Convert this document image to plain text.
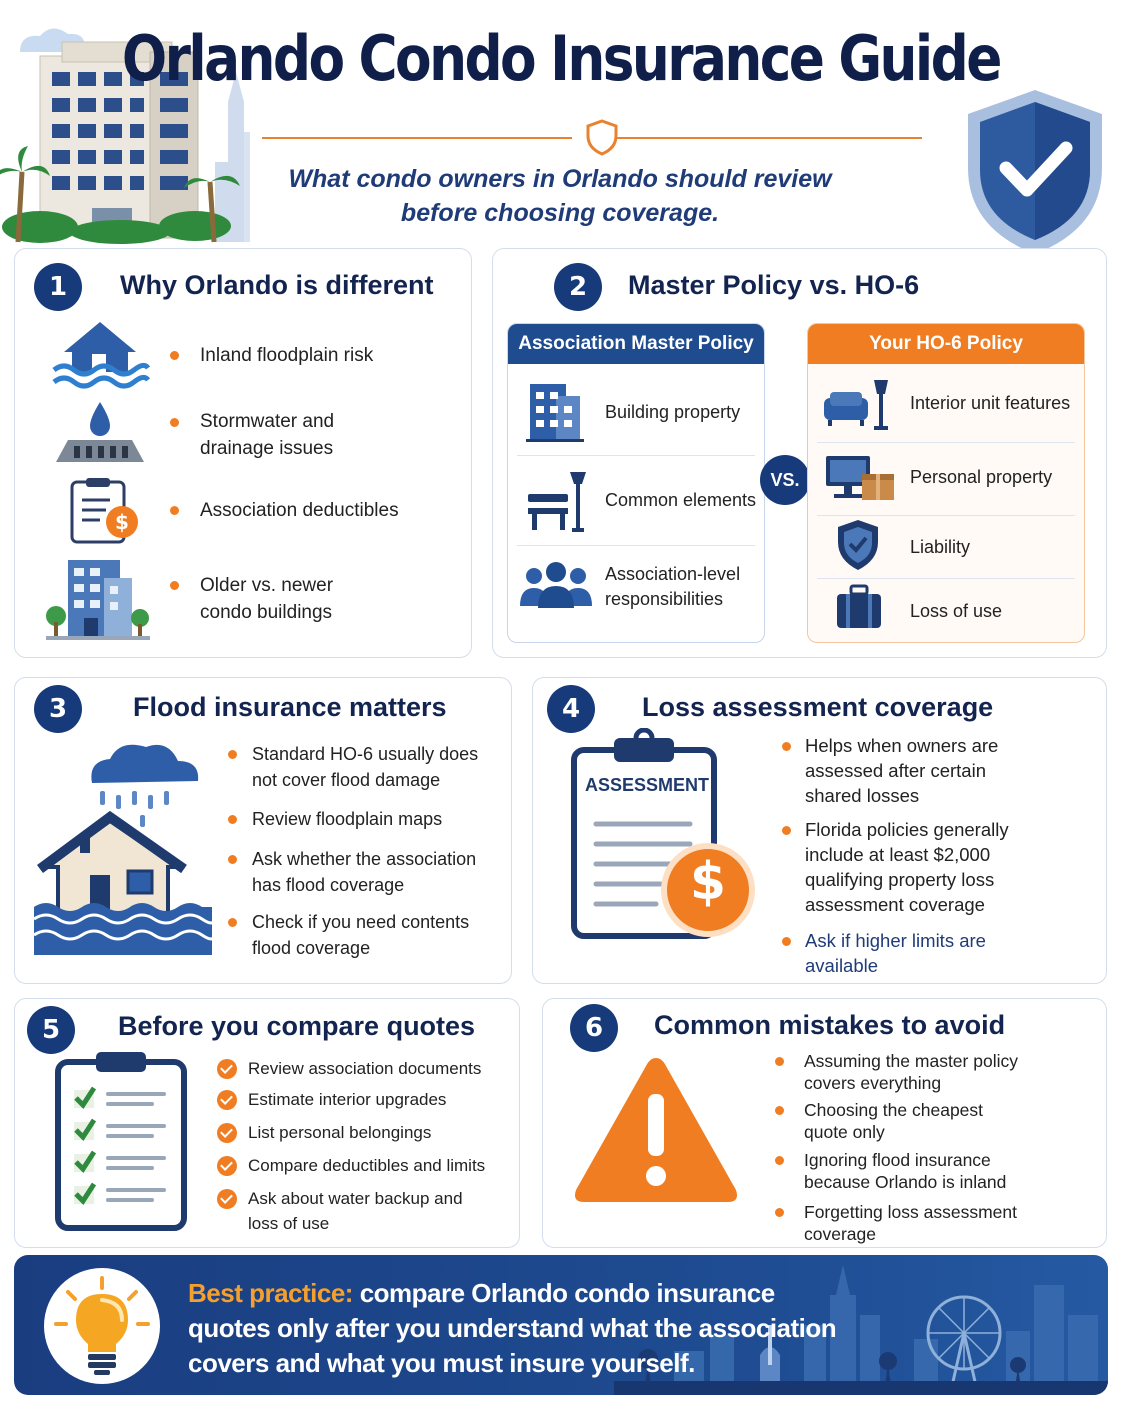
Orlando Condo Insurance Guide
What condo owners in Orlando should review
before choosing coverage.
1	Why Orlando is different
Inland floodplain risk
Stormwater and drainage issues
$	Association deductibles
Older vs. newer condo buildings
2	Master Policy vs. HO-6
Association Master Policy
Building property
Common elements
Association-level responsibilities
VS.
Your HO-6 Policy
Interior unit features
Personal property
Liability
Loss of use
3	Flood insurance matters
Standard HO-6 usually does not cover flood damage
Review floodplain maps
Ask whether the association has flood coverage
Check if you need contents flood coverage
4	Loss assessment coverage
ASSESSMENT
$
Helps when owners are assessed after certain shared losses
Florida policies generally include at least $2,000 qualifying property loss assessment coverage
Ask if higher limits are available
5	Before you compare quotes
Review association documents
Estimate interior upgrades
List personal belongings
Compare deductibles and limits
Ask about water backup and loss of use
6	Common mistakes to avoid
Assuming the master policy covers everything
Choosing the cheapest quote only
Ignoring flood insurance because Orlando is inland
Forgetting loss assessment coverage
Best practice: compare Orlando condo insurance quotes only after you understand what the association covers and what you must insure yourself.
